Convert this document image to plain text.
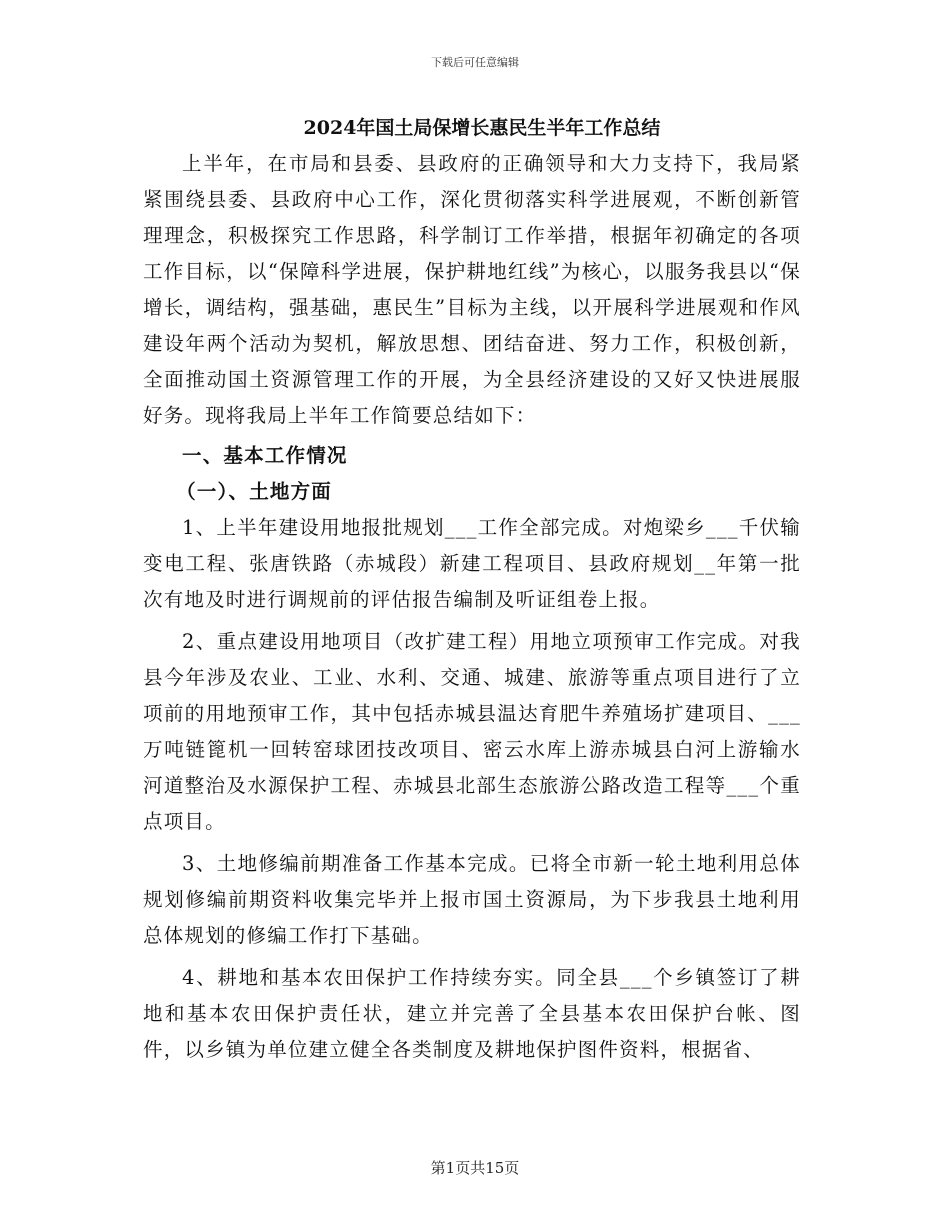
下载后可任意编辑
2024年国土局保增长惠民生半年工作总结

上半年，在市局和县委、县政府的正确领导和大力支持下，我局紧紧围绕县委、县政府中心工作，深化贯彻落实科学进展观，不断创新管理理念，积极探究工作思路，科学制订工作举措，根据年初确定的各项工作目标，以“保障科学进展，保护耕地红线”为核心，以服务我县以“保增长，调结构，强基础，惠民生”目标为主线，以开展科学进展观和作风建设年两个活动为契机，解放思想、团结奋进、努力工作，积极创新，全面推动国土资源管理工作的开展，为全县经济建设的又好又快进展服好务。现将我局上半年工作简要总结如下：

一、基本工作情况

（一）、土地方面

1、上半年建设用地报批规划___工作全部完成。对炮梁乡___千伏输变电工程、张唐铁路（赤城段）新建工程项目、县政府规划__年第一批次有地及时进行调规前的评估报告编制及听证组卷上报。

2、重点建设用地项目（改扩建工程）用地立项预审工作完成。对我县今年涉及农业、工业、水利、交通、城建、旅游等重点项目进行了立项前的用地预审工作，其中包括赤城县温达育肥牛养殖场扩建项目、___万吨链篦机一回转窑球团技改项目、密云水库上游赤城县白河上游输水河道整治及水源保护工程、赤城县北部生态旅游公路改造工程等___个重点项目。

3、土地修编前期准备工作基本完成。已将全市新一轮土地利用总体规划修编前期资料收集完毕并上报市国土资源局，为下步我县土地利用总体规划的修编工作打下基础。

4、耕地和基本农田保护工作持续夯实。同全县___个乡镇签订了耕地和基本农田保护责任状，建立并完善了全县基本农田保护台帐、图件，以乡镇为单位建立健全各类制度及耕地保护图件资料，根据省、

第1页共15页
